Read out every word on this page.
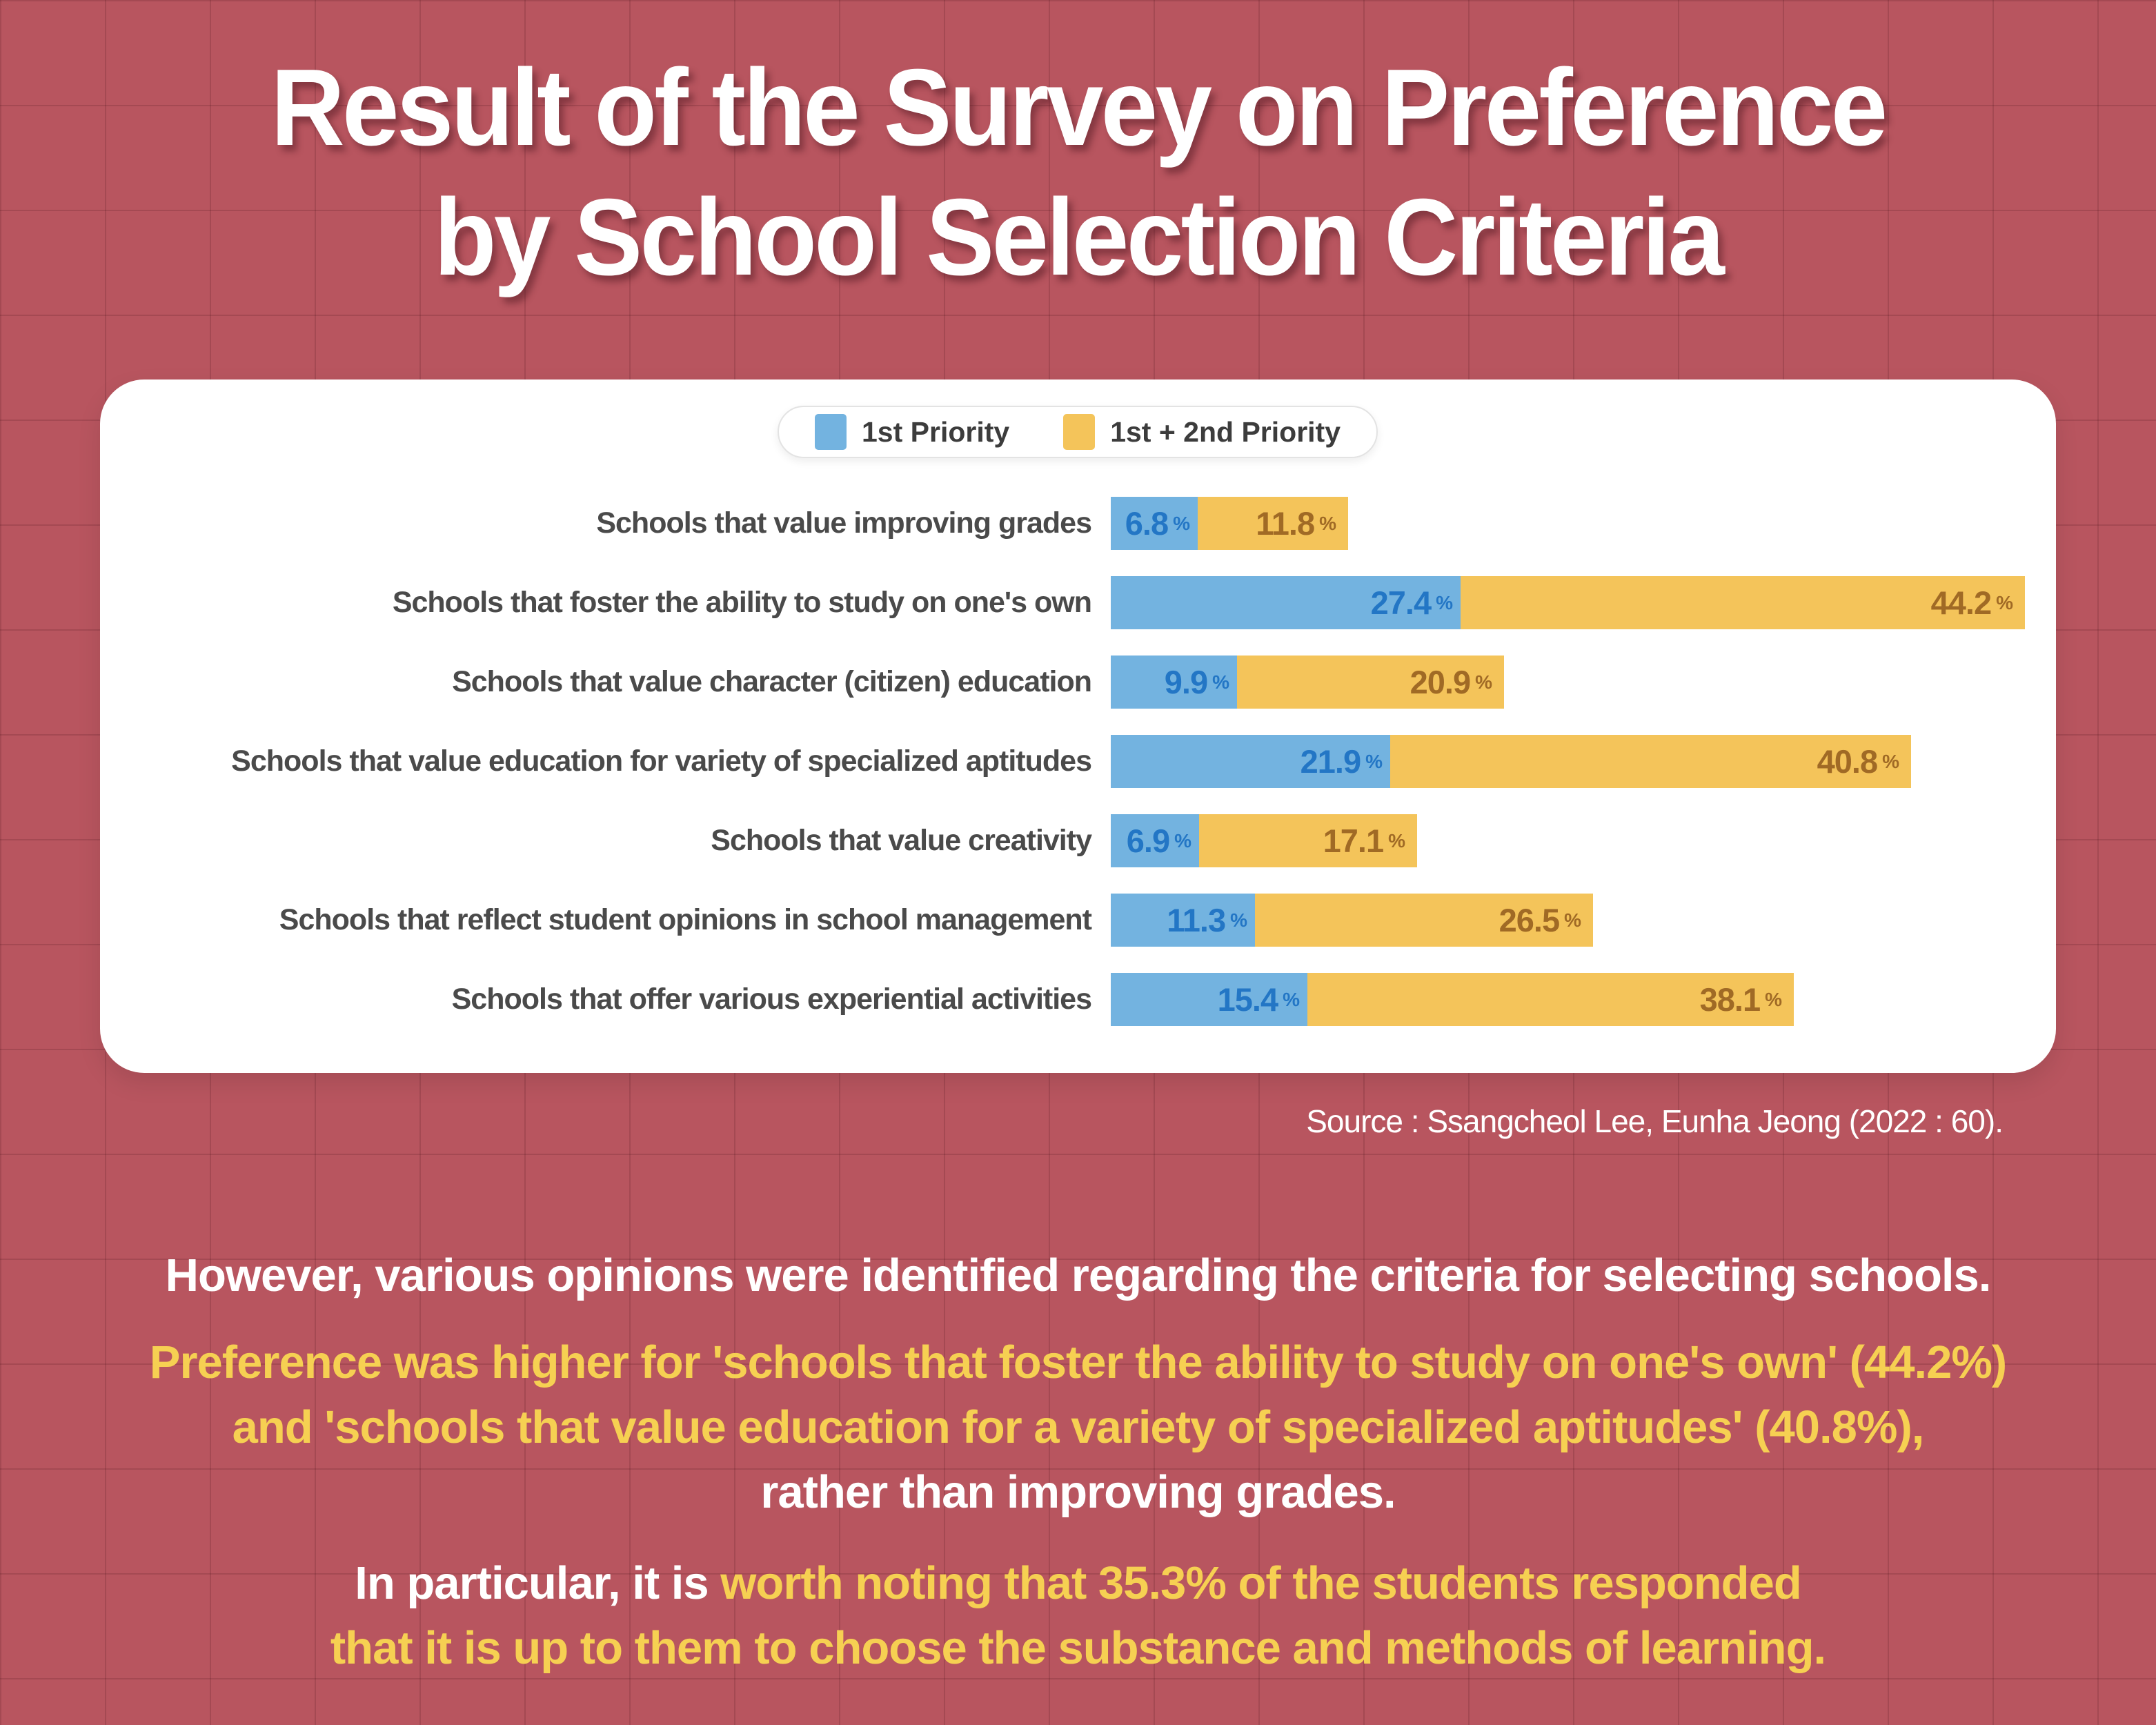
Result of the Survey on Preference
by School Selection Criteria
1st Priority	1st + 2nd Priority
Schools that value improving grades	6.8 % 11.8 %
Schools that foster the ability to study on one's own	27.4 %	44.2 %
Schools that value character (citizen) education	9.9 %	20.9 %
Schools that value education for variety of specialized aptitudes	21.9 %	40.8 %
Schools that value creativity	6.9 %	17.1 %
Schools that reflect student opinions in school management	11.3 %	26.5 %
Schools that offer various experiential activities	15.4 %	38.1 %
Source : Ssangcheol Lee, Eunha Jeong (2022 : 60).
However, various opinions were identified regarding the criteria for selecting schools.
Preference was higher for 'schools that foster the ability to study on one's own' (44.2%)
and 'schools that value education for a variety of specialized aptitudes' (40.8%),
rather than improving grades.
In particular, it is worth noting that 35.3% of the students responded
that it is up to them to choose the substance and methods of learning.
